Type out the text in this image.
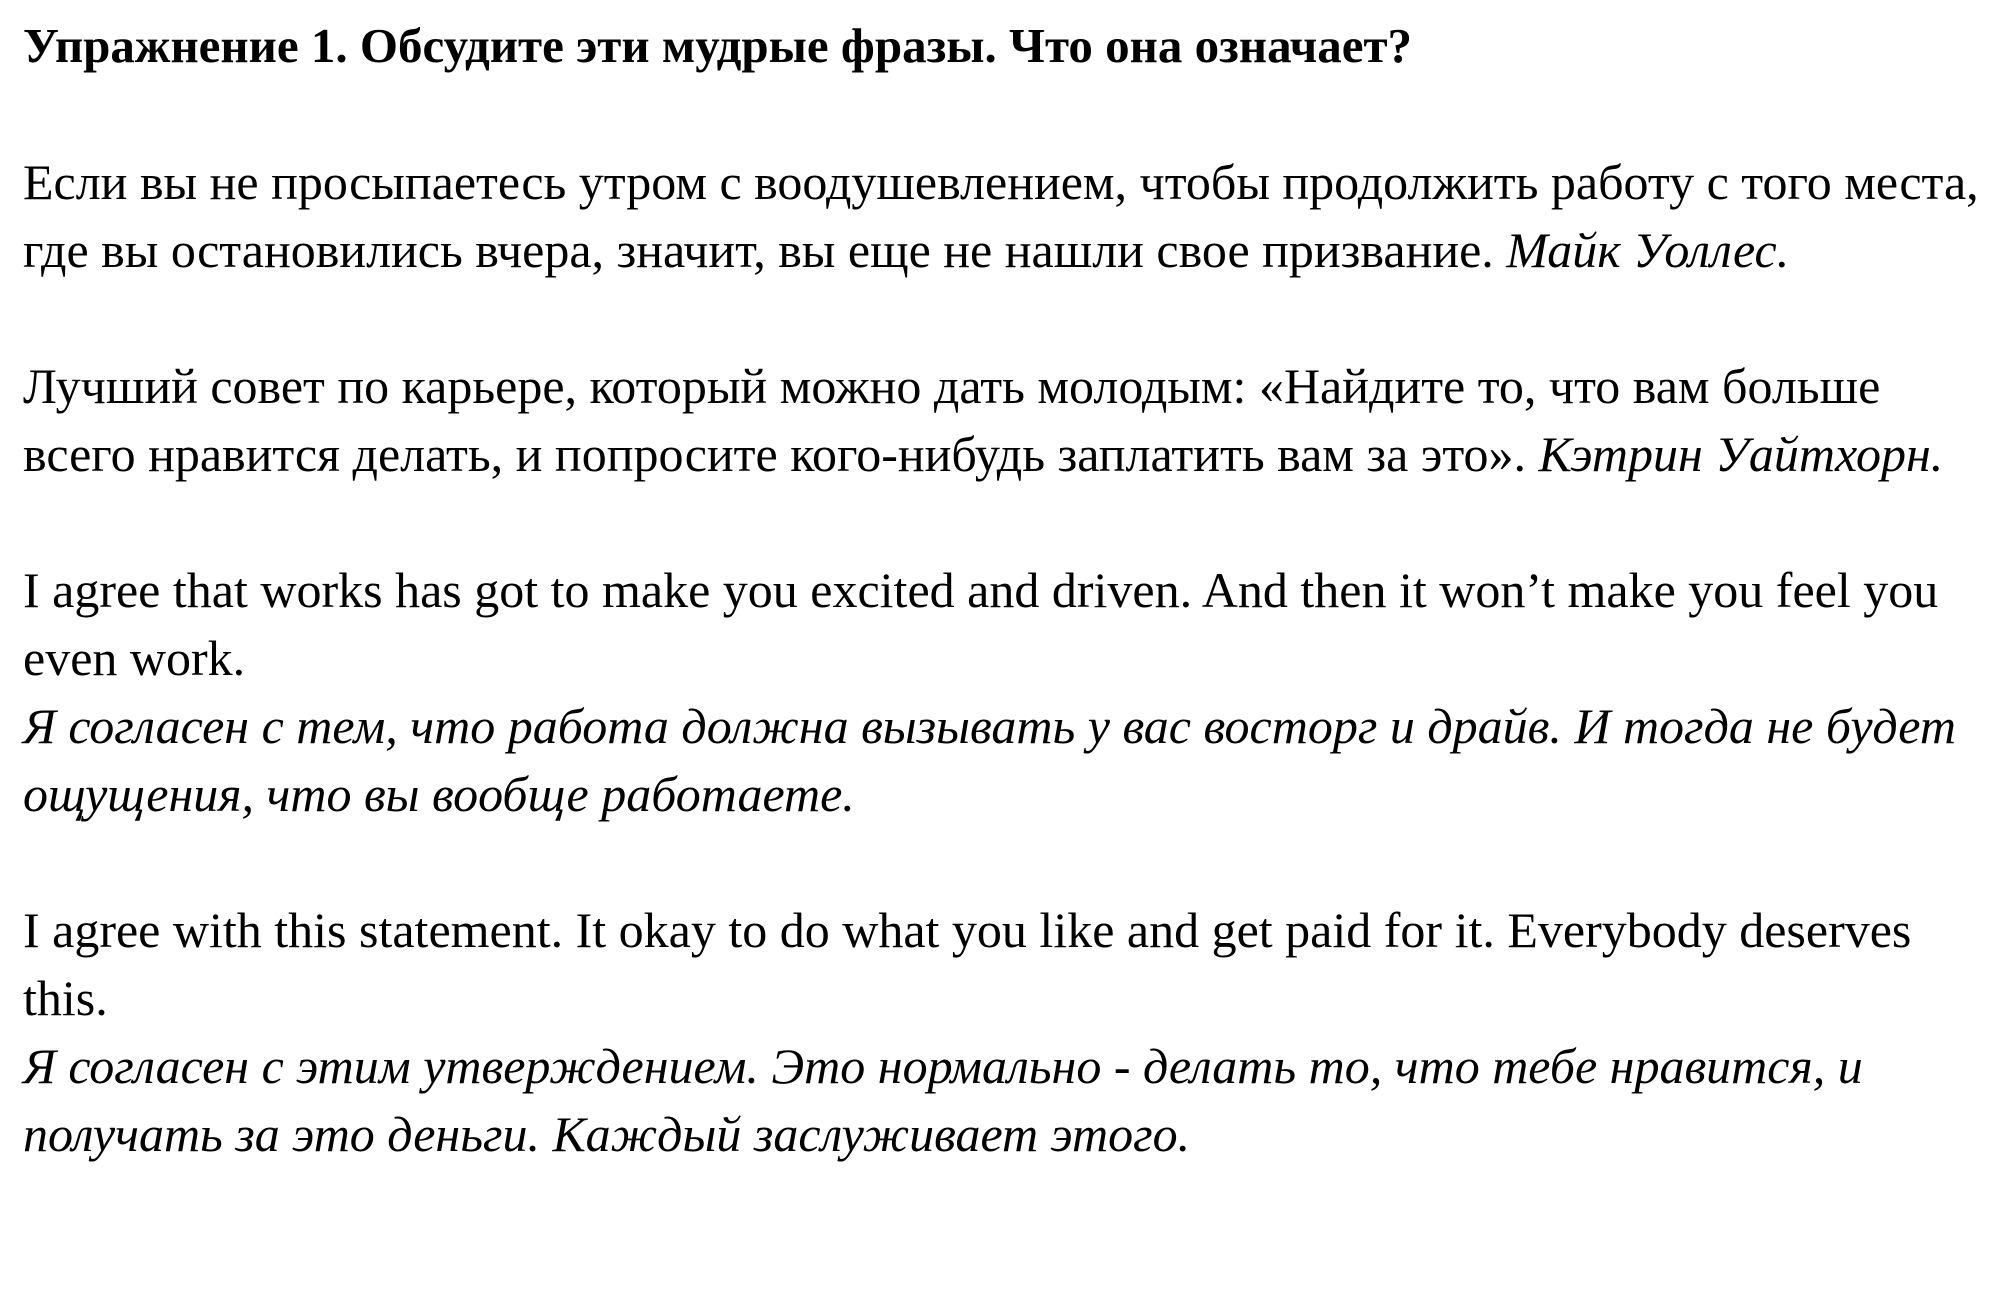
Упражнение 1. Обсудите эти мудрые фразы. Что она означает?

Если вы не просыпаетесь утром с воодушевлением, чтобы продолжить работу с того места, где вы остановились вчера, значит, вы еще не нашли свое призвание. Майк Уоллес.

Лучший совет по карьере, который можно дать молодым: «Найдите то, что вам больше всего нравится делать, и попросите кого-нибудь заплатить вам за это». Кэтрин Уайтхорн.

I agree that works has got to make you excited and driven. And then it won’t make you feel you even work.

Я согласен с тем, что работа должна вызывать у вас восторг и драйв. И тогда не будет ощущения, что вы вообще работаете.

I agree with this statement. It okay to do what you like and get paid for it. Everybody deserves this.

Я согласен с этим утверждением. Это нормально - делать то, что тебе нравится, и получать за это деньги. Каждый заслуживает этого.
